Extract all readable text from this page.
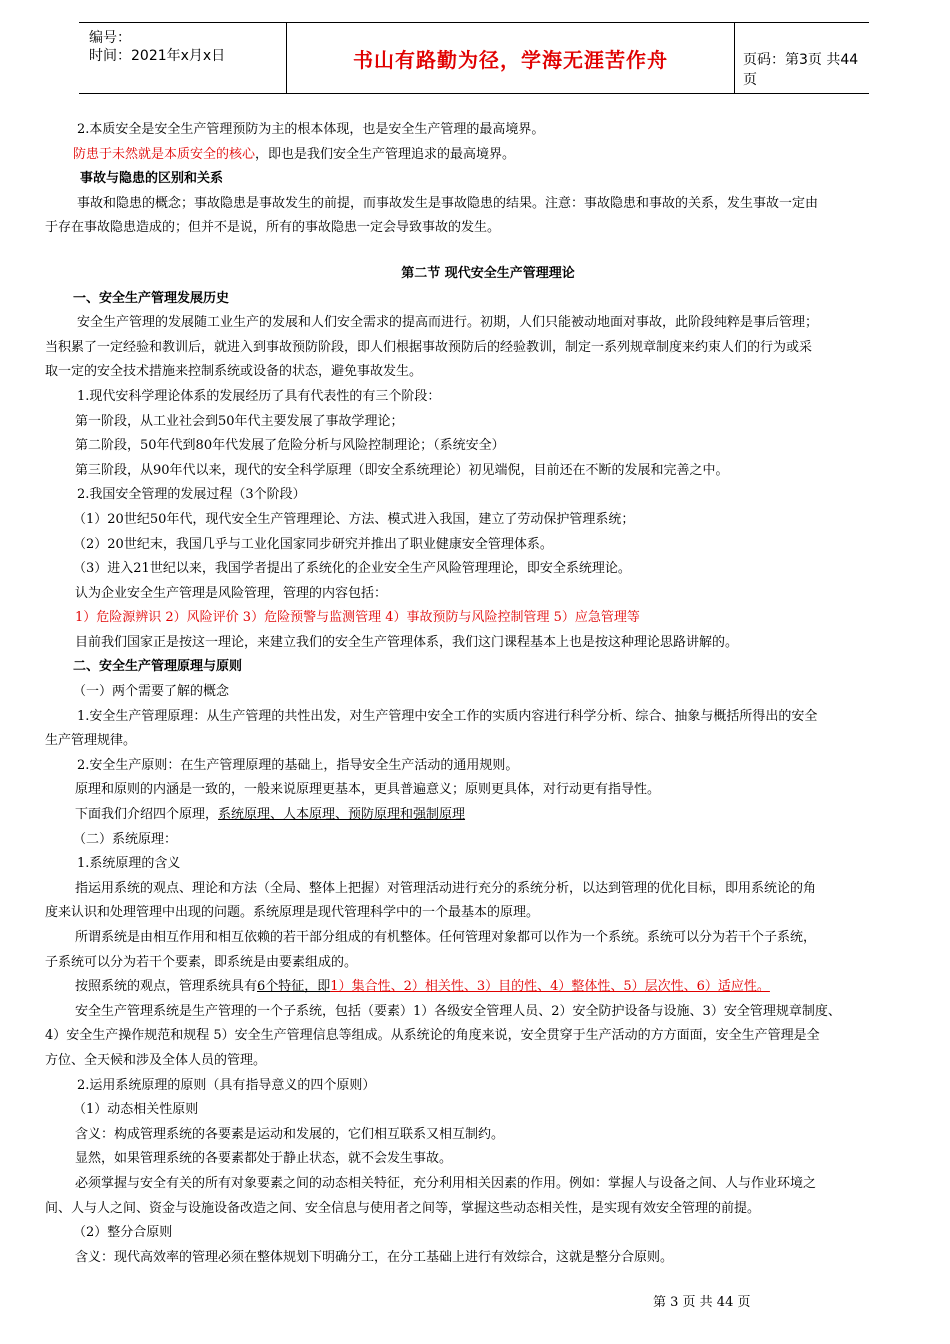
编号：
时间：2021年x月x日	书山有路勤为径，学海无涯苦作舟	页码：第3页 共44页
2.本质安全是安全生产管理预防为主的根本体现，也是安全生产管理的最高境界。
防患于未然就是本质安全的核心，即也是我们安全生产管理追求的最高境界。
事故与隐患的区别和关系
事故和隐患的概念；事故隐患是事故发生的前提，而事故发生是事故隐患的结果。注意：事故隐患和事故的关系，发生事故一定由
于存在事故隐患造成的；但并不是说，所有的事故隐患一定会导致事故的发生。
第二节 现代安全生产管理理论
一、安全生产管理发展历史
安全生产管理的发展随工业生产的发展和人们安全需求的提高而进行。初期，人们只能被动地面对事故，此阶段纯粹是事后管理；
当积累了一定经验和教训后，就进入到事故预防阶段，即人们根据事故预防后的经验教训，制定一系列规章制度来约束人们的行为或采
取一定的安全技术措施来控制系统或设备的状态，避免事故发生。
1.现代安科学理论体系的发展经历了具有代表性的有三个阶段：
第一阶段，从工业社会到50年代主要发展了事故学理论；
第二阶段，50年代到80年代发展了危险分析与风险控制理论；（系统安全）
第三阶段，从90年代以来，现代的安全科学原理（即安全系统理论）初见端倪，目前还在不断的发展和完善之中。
2.我国安全管理的发展过程（3个阶段）
（1）20世纪50年代，现代安全生产管理理论、方法、模式进入我国，建立了劳动保护管理系统；
（2）20世纪末，我国几乎与工业化国家同步研究并推出了职业健康安全管理体系。
（3）进入21世纪以来，我国学者提出了系统化的企业安全生产风险管理理论，即安全系统理论。
认为企业安全生产管理是风险管理，管理的内容包括：
1）危险源辨识 2）风险评价 3）危险预警与监测管理 4）事故预防与风险控制管理 5）应急管理等
目前我们国家正是按这一理论，来建立我们的安全生产管理体系，我们这门课程基本上也是按这种理论思路讲解的。
二、安全生产管理原理与原则
（一）两个需要了解的概念
1.安全生产管理原理：从生产管理的共性出发，对生产管理中安全工作的实质内容进行科学分析、综合、抽象与概括所得出的安全
生产管理规律。
2.安全生产原则：在生产管理原理的基础上，指导安全生产活动的通用规则。
原理和原则的内涵是一致的，一般来说原理更基本，更具普遍意义；原则更具体，对行动更有指导性。
下面我们介绍四个原理，系统原理、人本原理、预防原理和强制原理
（二）系统原理：
1.系统原理的含义
指运用系统的观点、理论和方法（全局、整体上把握）对管理活动进行充分的系统分析，以达到管理的优化目标，即用系统论的角
度来认识和处理管理中出现的问题。系统原理是现代管理科学中的一个最基本的原理。
所谓系统是由相互作用和相互依赖的若干部分组成的有机整体。任何管理对象都可以作为一个系统。系统可以分为若干个子系统，
子系统可以分为若干个要素，即系统是由要素组成的。
按照系统的观点，管理系统具有6个特征，即1）集合性、2）相关性、3）目的性、4）整体性、5）层次性、6）适应性。
安全生产管理系统是生产管理的一个子系统，包括（要素）1）各级安全管理人员、2）安全防护设备与设施、3）安全管理规章制度、
4）安全生产操作规范和规程 5）安全生产管理信息等组成。从系统论的角度来说，安全贯穿于生产活动的方方面面，安全生产管理是全
方位、全天候和涉及全体人员的管理。
2.运用系统原理的原则（具有指导意义的四个原则）
（1）动态相关性原则
含义：构成管理系统的各要素是运动和发展的，它们相互联系又相互制约。
显然，如果管理系统的各要素都处于静止状态，就不会发生事故。
必须掌握与安全有关的所有对象要素之间的动态相关特征，充分利用相关因素的作用。例如：掌握人与设备之间、人与作业环境之
间、人与人之间、资金与设施设备改造之间、安全信息与使用者之间等，掌握这些动态相关性，是实现有效安全管理的前提。
（2）整分合原则
含义：现代高效率的管理必须在整体规划下明确分工，在分工基础上进行有效综合，这就是整分合原则。
第 3 页 共 44 页
